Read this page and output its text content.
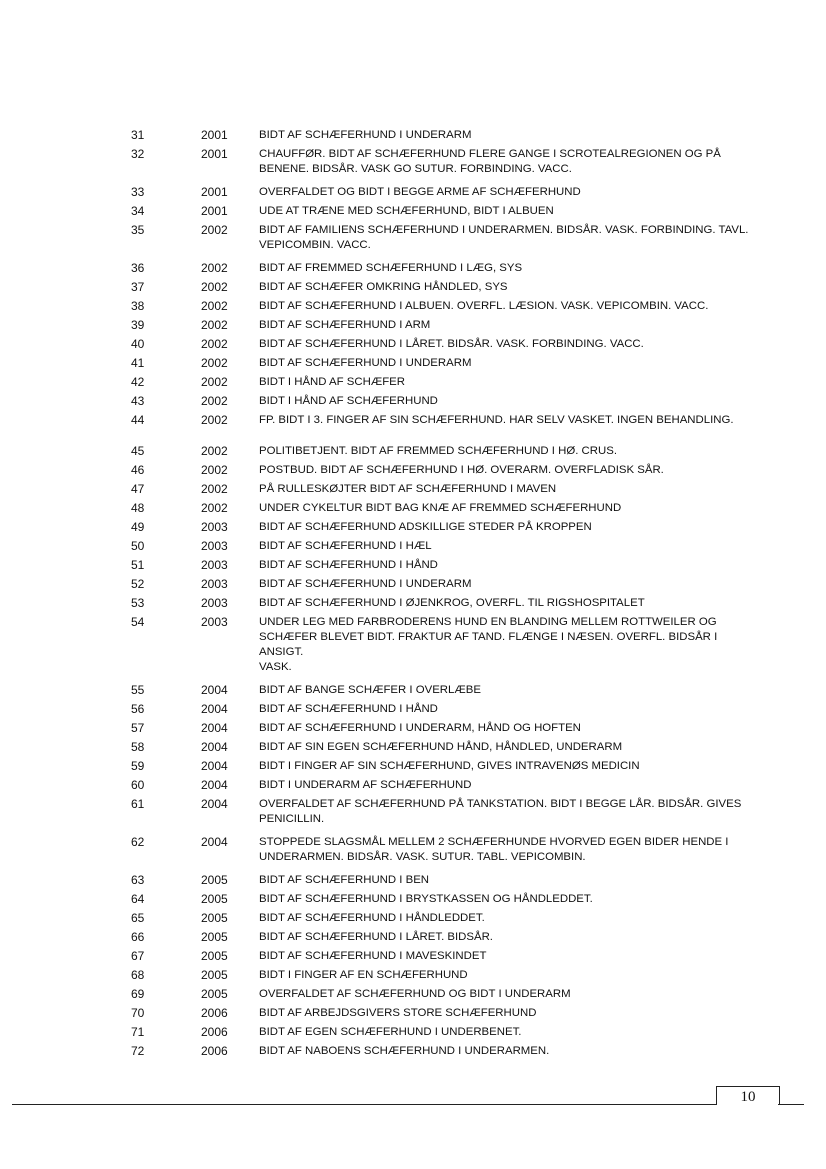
31	2001	BIDT AF SCHÆFERHUND I UNDERARM
32	2001	CHAUFFØR. BIDT AF SCHÆFERHUND FLERE GANGE I SCROTEALREGIONEN OG PÅ
BENENE. BIDSÅR. VASK GO SUTUR. FORBINDING. VACC.
33	2001	OVERFALDET OG BIDT I BEGGE ARME AF SCHÆFERHUND
34	2001	UDE AT TRÆNE MED SCHÆFERHUND, BIDT I ALBUEN
35	2002	BIDT AF FAMILIENS SCHÆFERHUND I UNDERARMEN. BIDSÅR. VASK. FORBINDING. TAVL.
VEPICOMBIN. VACC.
36	2002	BIDT AF FREMMED SCHÆFERHUND I LÆG, SYS
37	2002	BIDT AF SCHÆFER OMKRING HÅNDLED, SYS
38	2002	BIDT AF SCHÆFERHUND I ALBUEN. OVERFL. LÆSION. VASK. VEPICOMBIN. VACC.
39	2002	BIDT AF SCHÆFERHUND I ARM
40	2002	BIDT AF SCHÆFERHUND I LÅRET. BIDSÅR. VASK. FORBINDING. VACC.
41	2002	BIDT AF SCHÆFERHUND I UNDERARM
42	2002	BIDT I HÅND AF SCHÆFER
43	2002	BIDT I HÅND AF SCHÆFERHUND
44	2002	FP. BIDT I 3. FINGER AF SIN SCHÆFERHUND. HAR SELV VASKET. INGEN BEHANDLING.
45	2002	POLITIBETJENT. BIDT AF FREMMED SCHÆFERHUND I HØ. CRUS.
46	2002	POSTBUD. BIDT AF SCHÆFERHUND I HØ. OVERARM. OVERFLADISK SÅR.
47	2002	PÅ RULLESKØJTER BIDT AF SCHÆFERHUND I MAVEN
48	2002	UNDER CYKELTUR BIDT BAG KNÆ AF FREMMED SCHÆFERHUND
49	2003	BIDT AF SCHÆFERHUND ADSKILLIGE STEDER PÅ KROPPEN
50	2003	BIDT AF SCHÆFERHUND I HÆL
51	2003	BIDT AF SCHÆFERHUND I HÅND
52	2003	BIDT AF SCHÆFERHUND I UNDERARM
53	2003	BIDT AF SCHÆFERHUND I ØJENKROG, OVERFL. TIL RIGSHOSPITALET
54	2003	UNDER LEG MED FARBRODERENS HUND EN BLANDING MELLEM ROTTWEILER OG
SCHÆFER BLEVET BIDT. FRAKTUR AF TAND. FLÆNGE I NÆSEN. OVERFL. BIDSÅR I ANSIGT.
VASK.
55	2004	BIDT AF BANGE SCHÆFER I OVERLÆBE
56	2004	BIDT AF SCHÆFERHUND I HÅND
57	2004	BIDT AF SCHÆFERHUND I UNDERARM, HÅND OG HOFTEN
58	2004	BIDT AF SIN EGEN SCHÆFERHUND HÅND, HÅNDLED, UNDERARM
59	2004	BIDT I FINGER AF SIN SCHÆFERHUND, GIVES INTRAVENØS MEDICIN
60	2004	BIDT I UNDERARM AF SCHÆFERHUND
61	2004	OVERFALDET AF SCHÆFERHUND PÅ TANKSTATION. BIDT I BEGGE LÅR. BIDSÅR. GIVES
PENICILLIN.
62	2004	STOPPEDE SLAGSMÅL MELLEM 2 SCHÆFERHUNDE HVORVED EGEN BIDER HENDE I
UNDERARMEN. BIDSÅR. VASK. SUTUR. TABL. VEPICOMBIN.
63	2005	BIDT AF SCHÆFERHUND I BEN
64	2005	BIDT AF SCHÆFERHUND I BRYSTKASSEN OG HÅNDLEDDET.
65	2005	BIDT AF SCHÆFERHUND I HÅNDLEDDET.
66	2005	BIDT AF SCHÆFERHUND I LÅRET. BIDSÅR.
67	2005	BIDT AF SCHÆFERHUND I MAVESKINDET
68	2005	BIDT I FINGER AF EN SCHÆFERHUND
69	2005	OVERFALDET AF SCHÆFERHUND OG BIDT I UNDERARM
70	2006	BIDT AF ARBEJDSGIVERS STORE SCHÆFERHUND
71	2006	BIDT AF EGEN SCHÆFERHUND I UNDERBENET.
72	2006	BIDT AF NABOENS SCHÆFERHUND I UNDERARMEN.
10
